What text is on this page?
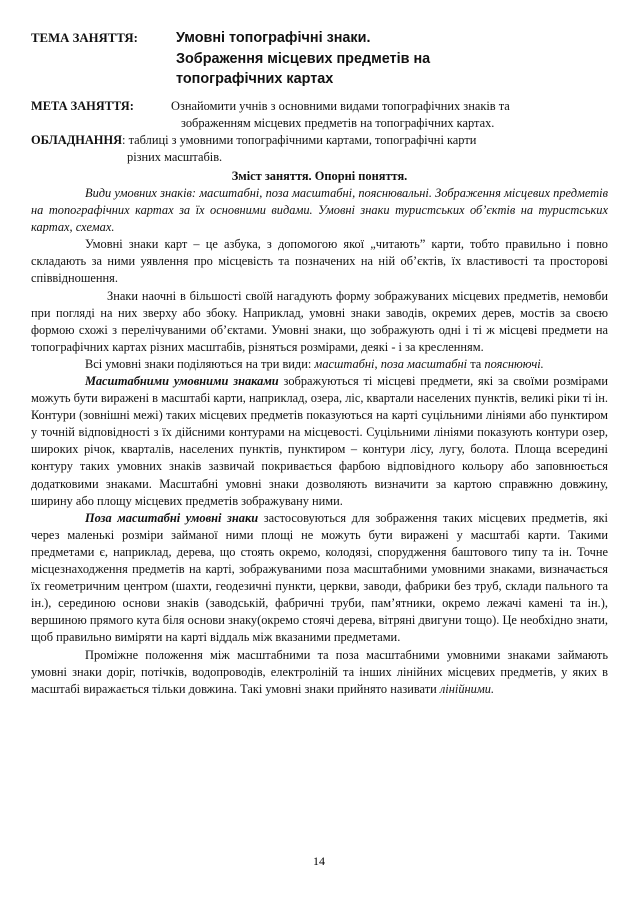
ТЕМА ЗАНЯТТЯ:	Умовні топографічні знаки.
Зображення місцевих предметів на
топографічних картах
МЕТА ЗАНЯТТЯ:	Ознайомити учнів з основними видами топографічних знаків та
зображенням місцевих предметів на топографічних картах.
ОБЛАДНАННЯ: таблиці з умовними топографічними картами, топографічні карти
різних масштабів.
Зміст заняття. Опорні поняття.

Види умовних знаків: масштабні, поза масштабні, пояснювальні. Зображення місцевих предметів на топографічних картах за їх основними видами. Умовні знаки туристських об’єктів на туристських картах, схемах.

Умовні знаки карт – це азбука, з допомогою якої „читають” карти, тобто правильно і повно складають за ними уявлення про місцевість та позначених на ній об’єктів, їх властивості та просторові співвідношення.

Знаки наочні в більшості своїй нагадують форму зображуваних місцевих предметів, немовби при погляді на них зверху або збоку. Наприклад, умовні знаки заводів, окремих дерев, мостів за своєю формою схожі з перелічуваними об’єктами. Умовні знаки, що зображують одні і ті ж місцеві предмети на топографічних картах різних масштабів, різняться розмірами, деякі - і за кресленням.

Всі умовні знаки поділяються на три види: масштабні, поза масштабні та пояснюючі.

Масштабними умовними знаками зображуються ті місцеві предмети, які за своїми розмірами можуть бути виражені в масштабі карти, наприклад, озера, ліс, квартали населених пунктів, великі ріки ті ін. Контури (зовнішні межі) таких місцевих предметів показуються на карті суцільними лініями або пунктиром у точній відповідності з їх дійсними контурами на місцевості. Суцільними лініями показують контури озер, широких річок, кварталів, населених пунктів, пунктиром – контури лісу, лугу, болота. Площа всередині контуру таких умовних знаків зазвичай покривається фарбою відповідного кольору або заповнюється додатковими знаками. Масштабні умовні знаки дозволяють визначити за картою справжню довжину, ширину або площу місцевих предметів зображувану ними.

Поза масштабні умовні знаки застосовуються для зображення таких місцевих предметів, які через маленькі розміри займаної ними площі не можуть бути виражені у масштабі карти. Такими предметами є, наприклад, дерева, що стоять окремо, колодязі, спорудження баштового типу та ін. Точне місцезнаходження предметів на карті, зображуваними поза масштабними умовними знаками, визначається їх геометричним центром (шахти, геодезичні пункти, церкви, заводи, фабрики без труб, склади пального та ін.), серединою основи знаків (заводській, фабричні труби, пам’ятники, окремо лежачі камені та ін.), вершиною прямого кута біля основи знаку(окремо стоячі дерева, вітряні двигуни тощо). Це необхідно знати, щоб правильно виміряти на карті віддаль між вказаними предметами.

Проміжне положення між масштабними та поза масштабними умовними знаками займають умовні знаки доріг, потічків, водопроводів, електроліній та інших лінійних місцевих предметів, у яких в масштабі виражається тільки довжина. Такі умовні знаки прийнято називати лінійними.

14
